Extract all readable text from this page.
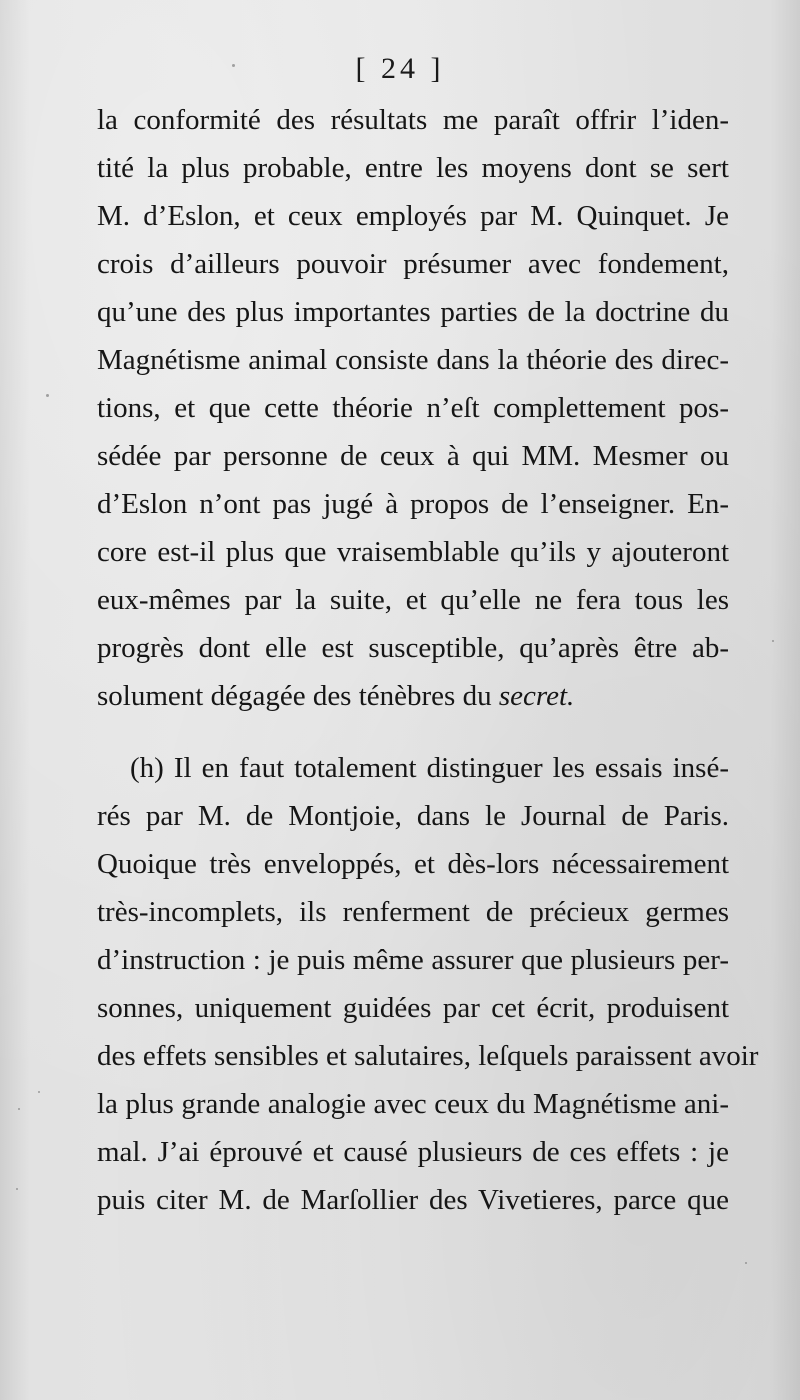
[ 24 ]
la conformité des résultats me paraît offrir l’iden-
tité la plus probable, entre les moyens dont se sert
M. d’Eslon, et ceux employés par M. Quinquet. Je
crois d’ailleurs pouvoir présumer avec fondement,
qu’une des plus importantes parties de la doctrine du
Magnétisme animal consiste dans la théorie des direc-
tions, et que cette théorie n’eſt complettement pos-
sédée par personne de ceux à qui MM. Mesmer ou
d’Eslon n’ont pas jugé à propos de l’enseigner. En-
core est-il plus que vraisemblable qu’ils y ajouteront
eux-mêmes par la suite, et qu’elle ne fera tous les
progrès dont elle est susceptible, qu’après être ab-
solument dégagée des ténèbres du secret.
(h) Il en faut totalement distinguer les essais insé-
rés par M. de Montjoie, dans le Journal de Paris.
Quoique très enveloppés, et dès-lors nécessairement
très-incomplets, ils renferment de précieux germes
d’instruction : je puis même assurer que plusieurs per-
sonnes, uniquement guidées par cet écrit, produisent
des effets sensibles et salutaires, leſquels paraissent avoir
la plus grande analogie avec ceux du Magnétisme ani-
mal. J’ai éprouvé et causé plusieurs de ces effets : je
puis citer M. de Marſollier des Vivetieres, parce que
